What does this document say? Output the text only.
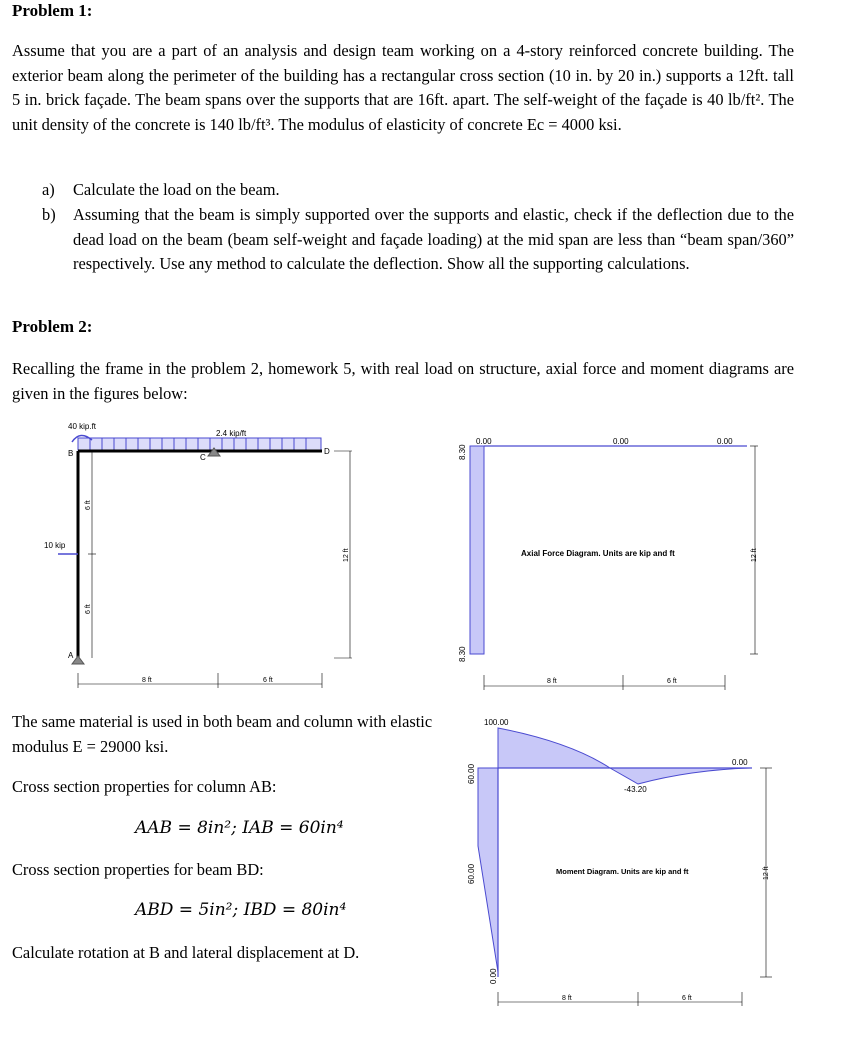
Problem 1:

Assume that you are a part of an analysis and design team working on a 4-story reinforced concrete building. The exterior beam along the perimeter of the building has a rectangular cross section (10 in. by 20 in.) supports a 12ft. tall 5 in. brick façade. The beam spans over the supports that are 16ft. apart. The self-weight of the façade is 40 lb/ft². The unit density of the concrete is 140 lb/ft³. The modulus of elasticity of concrete Ec = 4000 ksi.

a) Calculate the load on the beam.
b) Assuming that the beam is simply supported over the supports and elastic, check if the deflection due to the dead load on the beam (beam self-weight and façade loading) at the mid span are less than “beam span/360” respectively. Use any method to calculate the deflection. Show all the supporting calculations.
Problem 2:

Recalling the frame in the problem 2, homework 5, with real load on structure, axial force and moment diagrams are given in the figures below:

The same material is used in both beam and column with elastic modulus E = 29000 ksi.

Cross section properties for column AB:

AAB = 8in²; IAB = 60in⁴

Cross section properties for beam BD:

ABD = 5in²; IBD = 80in⁴

Calculate rotation at B and lateral displacement at D.

2.4 kip/ft
40 kip.ft
B	C
D
A
10 kip
6 ft
6 ft
12 ft
8 ft	6 ft
8.30
8.30
0.00	0.00	0.00
Axial Force Diagram. Units are kip and ft	12 ft
8 ft	6 ft
100.00
-43.20
0.00
60.00
60.00
0.00
Moment Diagram. Units are kip and ft	12 ft
8 ft	6 ft
